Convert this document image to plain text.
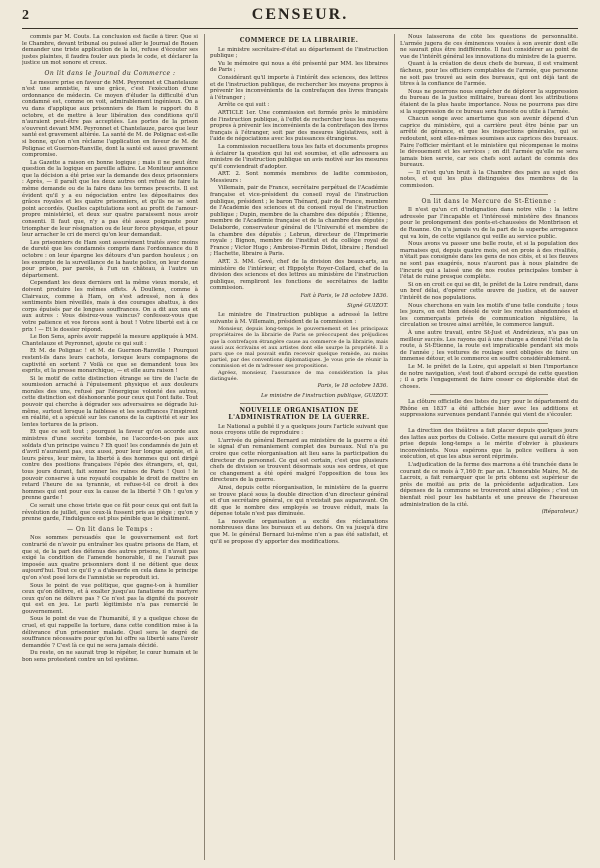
2	CENSEUR.

commis par M. Couts. La conclusion est facile à tirer. Que si le Chambre, devant tribunal ou puissé aller le Journal de Rouen demander une triste application de la loi, refuse d'écouter ses justes plaintes, il faudra fouler aux pieds le code, et déclarer la justice un mot sonore et creux.

On lit dans le Journal du Commerce :

Le mesure prise en faveur de MM. Peyronnet et Chantelauze n'est une amnistie, ni une grâce, c'est l'exécution d'une ordonnance de médecin. Ce moyen d'éluder la difficulté d'un condamné est, comme on voit, admirablement ingénieux. On a vu dans d'applique aux prisonniers de Ham le rapport du 8 octobre, et de mettre à leur libération des conditions qu'il n'auraient peut-être pas acceptées. Les portes de la prison s'ouvrent devant MM. Peyronnet et Chantelauze, parce que leur santé est gravement altérée. La santé de M. de Polignac est-elle si bonne, qu'on n'en réclame l'application en faveur de M. de Polignac et Guernon-Ranville, dont la santé est aussi gravement compromise.

La Gazette a raison en bonne logique ; mais il ne peut être question de la logique en pareille affaire. Le Moniteur annonce que la décision a été prise sur la demande des deux prisonniers : Après, — il paraît que les deux autres ont refusé de faire la même demande ou de la faire dans les termes prescrits. Il est évident qu'il y a eu négociation entre les dépositaires des grâces royales et les quatre prisonniers, et qu'ils ne se sont point accordés. Quelles capitulations sont au profit de l'amour-propre ministériel, et deux sur quatre paraissent nous avoir consenti. Il faut que, n'y a pas été assez poignante pour triompher de leur résignation ou de leur force physique, et pour leur arracher le cri de merci qu'on leur demandait.

Les prisonniers de Ham sont assurément traités avec moins de dureté que les condamnés compris dans l'ordonnance du 8 octobre : on leur épargne les détours d'un pardon houleux ; on les exempte de la surveillance de la haute police, on leur donne pour prison, par parole, à l'un un château, à l'autre un département.

Cependant les deux derniers ont la même vieux morale, et doivent produire les mêmes effets. À Doullens, comme à Clairvaux, comme à Ham, on s'est adressé, non à des sentiments bien réveillés, mais à des courages abattus, à des corps épuisés par de longues souffrances. On a dit aux uns et aux autres : Vous désirez-vous vaincus? confessez-vous que votre patience et vos forces sont à bout ! Votre liberté est à ce prix ! — Et le dossier répond.

Le Bon Sens, après avoir rappelé la mesure appliquée à MM. Chantelauze et Peyronnet, ajoute ce qui suit :

Et M. de Polignac ! et M. de Guernon-Ranville ! Pourquoi restent-ils dans leurs cachots, lorsque leurs compagnons de captivité en sortent ? Voilà ce que se demandent tous les esprits, et la presse monarchique, — et elle aura raison !

Si le motif de cette distinction étrange se tire de l'acte de soumission arraché à l'épuisement physique et aux douleurs morales des uns, refusé par l'énergique volonté des autres, cette distinction est déshonorante pour ceux qui l'ont faite. Tout pouvoir qui cherche à dégrader ses adversaires se dégrade lui-même, surtout lorsque la faiblesse et les souffrances l'inspirent en réalité, et a spéculé sur les canons de la captivité et sur les lentes tortures de la prison.

Et que ce soit tout ; pourquoi la faveur qu'on accorde aux ministres d'une secrète tombée, ne l'accorde-t-on pas aux soldats d'un principe vaincu ? Eh quoi! les condamnés de juin et d'avril n'auraient pas, eux aussi, pour leur longue agonie, et à leurs pères, leur mère, la liberté à des hommes qui ont dirigé contre des positions françaises l'épée des étrangers, et, qui, tous jours durant, fait sonner les ruines de Paris ! Quoi ! le pouvoir conserve à une royauté coupable le droit de mettre en retard l'heure de sa tyrannie, et refuse-t-il ce droit à des hommes qui ont pour eux la cause de la liberté ? Oh ! qu'on y prenne garde !

Ce serait une chose triste que ce fût pour ceux qui ont fait la révolution de juillet, que ceux-là fussent pris au piège ; qu'on y prenne garde, l'indulgence est plus pénible que le châtiment.

— On lit dans le Temps :

Nos sommes persuadés que le gouvernement est fort contrarié de n'avoir pu entraîner les quatre prisons de Ham, et que si, de la part des détenus des autres prisons, il n'avait pas exigé la condition de l'amende honorable, il ne l'aurait pas imposée aux quatre prisonniers dont il ne détient que deux aujourd'hui. Tout ce qu'il y a d'absurde en cela dans le principe qu'on s'est posé lors de l'amnistie se reproduit ici.

Sous le point de vue politique, que gagne-t-on à humilier ceux qu'on délivre, et à exalter jusqu'au fanatisme du martyre ceux qu'on ne délivre pas ? Ce n'est pas la dignité du pouvoir qui est en jeu. Le parti légitimiste n'a pas remercié le gouvernement.

Sous le point de vue de l'humanité, il y a quelque chose de cruel, et qui rappelle la torture, dans cette condition mise à la délivrance d'un prisonnier malade. Quel sera le degré de souffrance nécessaire pour qu'on lui offre sa liberté sans l'avoir demandée ? C'est là ce qui ne sera jamais décidé.

Du reste, on ne saurait trop le répéter, le cœur humain et le bon sens protestent contre un tel système.

COMMERCE DE LA LIBRAIRIE.

Le ministre secrétaire-d'état au département de l'instruction publique ;

Vu le mémoire qui nous a été présenté par MM. les libraires de Paris ;

Considérant qu'il importe à l'intérêt des sciences, des lettres et de l'instruction publique, de rechercher les moyens propres à prévenir les inconvénients de la contrefaçon des livres français à l'étranger ;

Arrête ce qui suit :

ARTICLE 1er. Une commission est formée près le ministère de l'instruction publique, à l'effet de rechercher tous les moyens propres à prévenir les inconvénients de la contrefaçon des livres français à l'étranger, soit par des mesures législatives, soit à l'aide de négociations avec les puissances étrangères.

La commission recueillera tous les faits et documents propres à éclairer la question qui lui est soumise, et elle adressera au ministre de l'instruction publique un avis motivé sur les mesures qu'il conviendrait d'adopter.

ART. 2. Sont nommés membres de ladite commission, Messieurs :

Villemain, pair de France, secrétaire perpétuel de l'Académie française et vice-président du conseil royal de l'instruction publique, président ; le baron Thénard, pair de France, membre de l'Académie des sciences et du conseil royal de l'instruction publique ; Dupin, membre de la chambre des députés ; Étienne, membre de l'Académie française et de la chambre des députés ; Delaborde, conservateur général de l'Université et membre de la chambre des députés ; Lebrun, directeur de l'Imprimerie royale ; Bignon, membre de l'institut et du collège royal de France ; Victor Hugo ; Ambroise-Firmin Didot, libraire ; Renduel ; Hachette, libraire à Paris.

ART. 3. MM. Gevé, chef de la division des beaux-arts, au ministère de l'intérieur, et Hippolyte Royer-Collard, chef de la division des sciences et des lettres au ministère de l'instruction publique, rempliront les fonctions de secrétaires de ladite commission.

Fait à Paris, le 18 octobre 1836.
Signé GUIZOT.

Le ministre de l'instruction publique a adressé la lettre suivante à M. Villemain, président de la commission :

Monsieur, depuis long-temps le gouvernement et les principaux propriétaires de la librairie de Paris se préoccupent des préjudices que la contrefaçon étrangère cause au commerce de la librairie, mais aussi aux écrivains et aux artistes dont elle usurpe la propriété. Il a paru que ce mal pouvait enfin recevoir quelque remède, au moins partiel, par des conventions diplomatiques. Je vous prie de réunir la commission et de m'adresser ses propositions.

Agréez, monsieur, l'assurance de ma considération la plus distinguée.

Paris, le 18 octobre 1836.
Le ministre de l'instruction publique, GUIZOT.
NOUVELLE ORGANISATION DE L'ADMINISTRATION DE LA GUERRE.

Le National a publié il y a quelques jours l'article suivant que nous croyons utile de reproduire :

L'arrivée du général Bernard au ministère de la guerre a été le signal d'un remaniement complet des bureaux. Nul n'a pu croire que cette réorganisation ait lieu sans la participation du directeur du personnel. Ce qui est certain, c'est que plusieurs chefs de division se trouvent désormais sous ses ordres, et que ce changement a été opéré malgré l'opposition de tous les directeurs de la guerre.

Ainsi, depuis cette réorganisation, le ministère de la guerre se trouve placé sous la double direction d'un directeur général et d'un secrétaire général, ce qui n'existait pas auparavant. On dit que le nombre des employés se trouve réduit, mais la dépense totale n'est pas diminuée.

La nouvelle organisation a excité des réclamations nombreuses dans les bureaux et au dehors. On va jusqu'à dire que M. le général Bernard lui-même n'en a pas été satisfait, et qu'il se propose d'y apporter des modifications.

Nous laisserons de côté les questions de personnalité. L'armée jugera de ces éminences vouées à son avenir dont elle ne saurait plus être indifférente. Il faut considérer au point de vue de l'intérêt général les innovations du ministre de la guerre.

Quant à la création de deux chefs de bureau, il est vraiment fâcheux, pour les officiers comptables de l'armée, que personne ne soit pas trouvé au sein des bureaux, qui ont déjà tant de titres à la confiance de l'armée.

Nous ne pourrons nous empêcher de déplorer la suppression du bureau de la justice militaire, bureau dont les attributions étaient de la plus haute importance. Nous ne pourrons pas dire si la suppression de ce bureau sera funeste ou utile à l'armée.

Chacun songe avec amertume que son avenir dépend d'un caprice du ministère, qui a carrière peut être bénie par un arrêté de gérance, et que les inspections générales, qui se redoutent, sont elles-mêmes soumises aux caprices des bureaux. Faire l'officier méritant et le ministère qui récompense le moins le dévouement et les services ; on dit l'armée qu'elle ne sera jamais bien servie, car ses chefs sont autant de commis des bureaux.

— Il n'est qu'un bruit à la Chambre des pairs au sujet des notes, et qui les plus distinguées des membres de la commission.

On lit dans le Mercure de St-Étienne :

Il n'est qu'un cri d'indignation dans notre ville : la lettre adressée par l'incapable et l'intéressé ministère des finances pour le prolongement des ponts-et-chaussées de Montbrison et de Roanne. On n'a jamais vu de la part de la superbe arrogance qui va loin, de cette vigilance qui veille au service public.

Nous avons vu passer une belle route, et si la population des marnaises qui, depuis quatre mois, est en proie à des rivalités, n'était pas consignée dans les gens de nos cités, et si les fleuves ne sont pas exagérés, nous n'auront pas à nous plaindre de l'incurie qui a laissé une de nos routes principales tomber à l'état de ruine presque complète.

Si on en croit ce qui se dit, le préfet de la Loire rendrait, dans un bref délai, d'opérer cette œuvre de justice, et de sauver l'intérêt de nos populations.

Nous cherchons en vain les motifs d'une telle conduite ; tous les jours, on est bien désolé de voir les routes abandonnées et les commerçants privés de communication régulière, la circulation se trouve ainsi arrêtée, le commerce languit.

À une autre travail, entre St-Just et Andrézieux, n'a pas un meilleur succès. Les rayons qui à une charge a donné l'état de la route, à St-Étienne, la route est impraticable pendant six mois de l'année ; les voitures de roulage sont obligées de faire un immense détour, et le commerce en souffre considérablement.

Le M. le préfet de la Loire, qui appelait si bien l'importance de notre navigation, s'est tout d'abord occupé de cette question ; il a pris l'engagement de faire cesser ce déplorable état de choses.

La clôture officielle des listes du jury pour le département du Rhône en 1837 a été affichée hier avec les additions et suppressions survenues pendant l'année qui vient de s'écouler.

La direction des théâtres a fait placer depuis quelques jours des lattes aux portes du Colisée. Cette mesure qui aurait dû être prise depuis long-temps a le mérite d'obvier à plusieurs inconvénients. Nous espérons que la police veillera à son exécution, et que les abus seront réprimés.

L'adjudication de la ferme des marrons a été tranchée dans le courant de ce mois à 7,160 fr. par an. L'honorable Maire, M. de Lacroix, a fait remarquer que le prix obtenu est supérieur de près de moitié au prix de la précédente adjudication. Les dépenses de la commune se trouveront ainsi allégées ; c'est un bienfait réel pour les habitants et une preuve de l'heureuse administration de la cité.

(Réparateur.)
